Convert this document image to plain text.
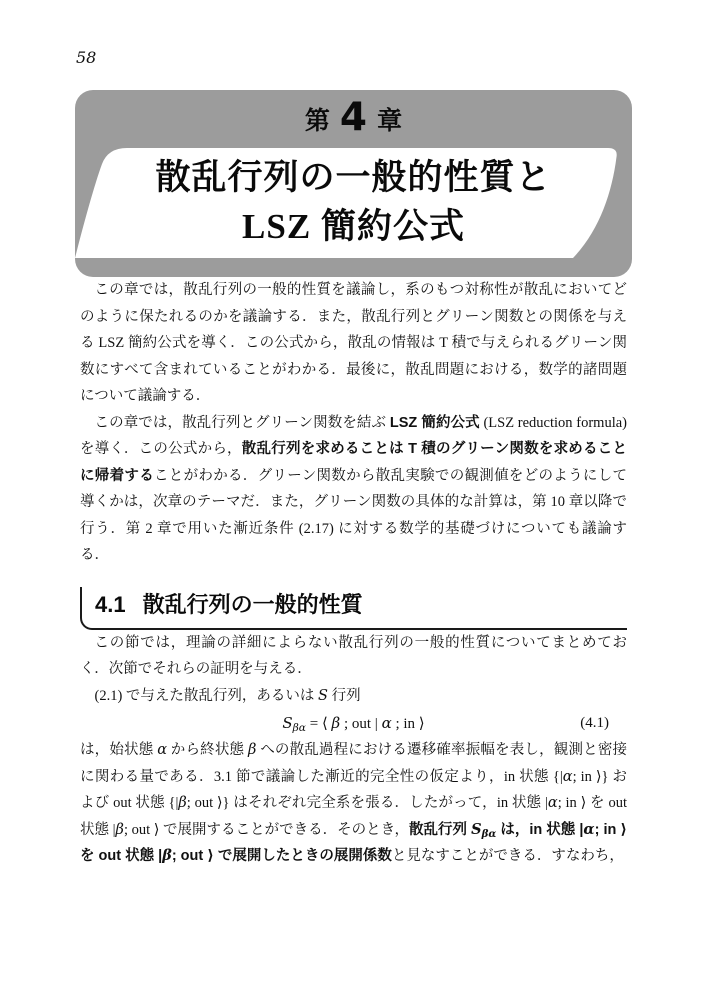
58
第 4 章
散乱行列の一般的性質と
LSZ 簡約公式

この章では，散乱行列の一般的性質を議論し，系のもつ対称性が散乱においてどのように保たれるのかを議論する．また，散乱行列とグリーン関数との関係を与える LSZ 簡約公式を導く．この公式から，散乱の情報は T 積で与えられるグリーン関数にすべて含まれていることがわかる．最後に，散乱問題における，数学的諸問題について議論する．

この章では，散乱行列とグリーン関数を結ぶ LSZ 簡約公式 (LSZ reduction formula) を導く．この公式から，散乱行列を求めることは T 積のグリーン関数を求めることに帰着することがわかる．グリーン関数から散乱実験での観測値をどのようにして導くかは，次章のテーマだ．また，グリーン関数の具体的な計算は，第 10 章以降で行う．第 2 章で用いた漸近条件 (2.17) に対する数学的基礎づけについても議論する．

4.1 散乱行列の一般的性質

この節では，理論の詳細によらない散乱行列の一般的性質についてまとめておく．次節でそれらの証明を与える．

(2.1) で与えた散乱行列，あるいは S 行列

$S_{\beta\alpha}$ = ⟨ β ; out | α ; in ⟩	(4.1)

は，始状態 α から終状態 β への散乱過程における遷移確率振幅を表し，観測と密接に関わる量である．3.1 節で議論した漸近的完全性の仮定より，in 状態 {|α; in ⟩} および out 状態 {|β; out ⟩} はそれぞれ完全系を張る．したがって，in 状態 |α; in ⟩ を out 状態 |β; out ⟩ で展開することができる．そのとき，散乱行列 $S_{\beta\alpha}$ は，in 状態 |α; in ⟩ を out 状態 |β; out ⟩ で展開したときの展開係数と見なすことができる．すなわち，
